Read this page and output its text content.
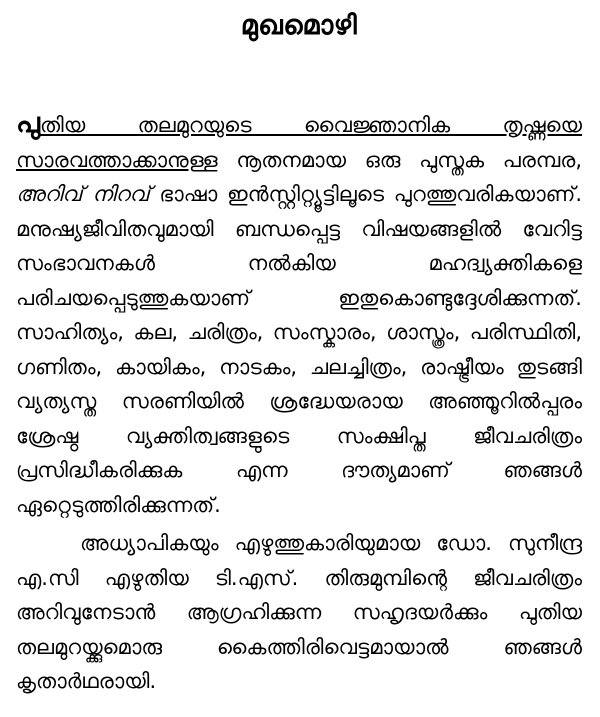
മുഖമൊഴി

പുതിയ തലമുറയുടെ വൈജ്ഞാനിക തൃഷ്ണയെ സാരവത്താക്കാനുള്ള നൂതനമായ ഒരു പുസ്തക പരമ്പര, അറിവ് നിറവ് ഭാഷാ ഇൻസ്റ്റിറ്റ്യൂട്ടിലൂടെ പുറത്തുവരികയാണ്. മനുഷ്യജീവിതവുമായി ബന്ധപ്പെട്ട വിഷയങ്ങളിൽ വേറിട്ട സംഭാവനകൾ നൽകിയ മഹദ്വ്യക്തികളെ പരിചയപ്പെടുത്തുകയാണ് ഇതുകൊണ്ടുദ്ദേശിക്കുന്നത്. സാഹിത്യം, കല, ചരിത്രം, സംസ്കാരം, ശാസ്ത്രം, പരിസ്ഥിതി, ഗണിതം, കായികം, നാടകം, ചലച്ചിത്രം, രാഷ്ട്രീയം തുടങ്ങി വ്യത്യസ്ത സരണിയിൽ ശ്രദ്ധേയരായ അഞ്ഞൂറിൽപ്പരം ശ്രേഷ്ഠ വ്യക്തിത്വങ്ങളുടെ സംക്ഷിപ്ത ജീവചരിത്രം പ്രസിദ്ധീകരിക്കുക എന്ന ദൗത്യമാണ് ഞങ്ങൾ ഏറ്റെടുത്തിരിക്കുന്നത്.

അധ്യാപികയും എഴുത്തുകാരിയുമായ ഡോ. സുനീന്ദ്ര എ.സി എഴുതിയ ടി.എസ്. തിരുമുമ്പിന്റെ ജീവചരിത്രം അറിവുനേടാൻ ആഗ്രഹിക്കുന്ന സഹൃദയർക്കും പുതിയ തലമുറയ്ക്കുമൊരു കൈത്തിരിവെട്ടമായാൽ ഞങ്ങൾ കൃതാർഥരായി.
